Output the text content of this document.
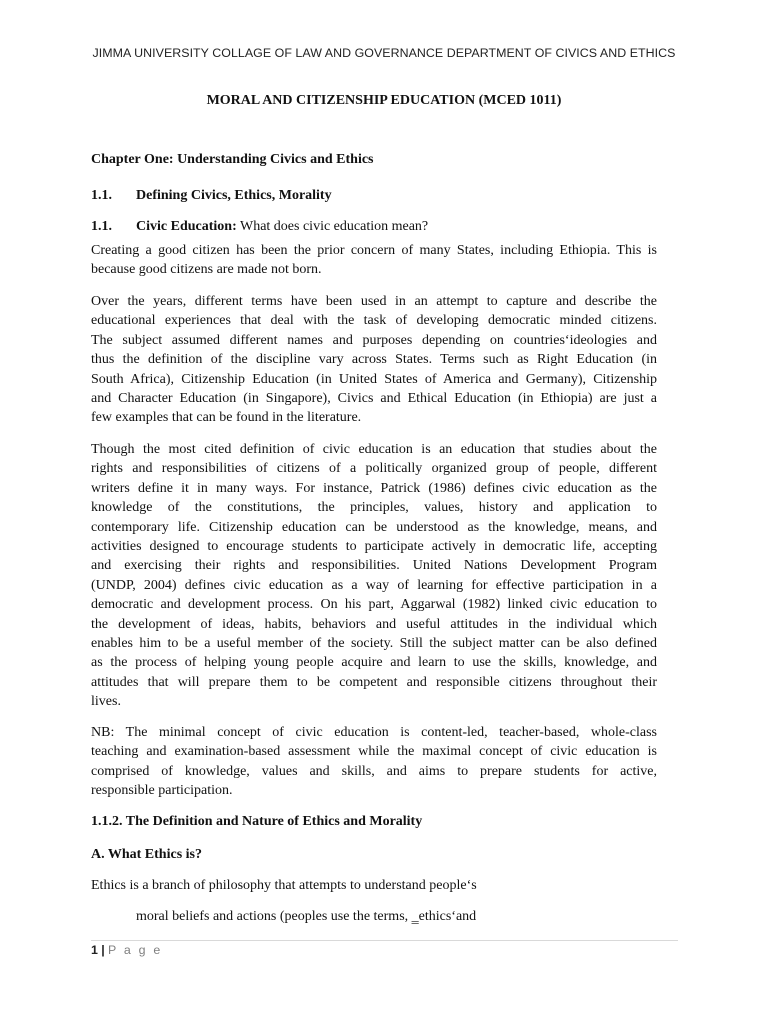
JIMMA UNIVERSITY COLLAGE OF LAW AND GOVERNANCE DEPARTMENT OF CIVICS AND ETHICS
MORAL AND CITIZENSHIP EDUCATION (MCED 1011)
Chapter One: Understanding Civics and Ethics
1.1. Defining Civics, Ethics, Morality
1.1. Civic Education: What does civic education mean?
Creating a good citizen has been the prior concern of many States, including Ethiopia. This is
because good citizens are made not born.
Over the years, different terms have been used in an attempt to capture and describe the
educational experiences that deal with the task of developing democratic minded citizens.
The subject assumed different names and purposes depending on countries‘ideologies and
thus the definition of the discipline vary across States. Terms such as Right Education (in
South Africa), Citizenship Education (in United States of America and Germany), Citizenship
and Character Education (in Singapore), Civics and Ethical Education (in Ethiopia) are just a
few examples that can be found in the literature.
Though the most cited definition of civic education is an education that studies about the
rights and responsibilities of citizens of a politically organized group of people, different
writers define it in many ways. For instance, Patrick (1986) defines civic education as the
knowledge of the constitutions, the principles, values, history and application to
contemporary life. Citizenship education can be understood as the knowledge, means, and
activities designed to encourage students to participate actively in democratic life, accepting
and exercising their rights and responsibilities. United Nations Development Program
(UNDP, 2004) defines civic education as a way of learning for effective participation in a
democratic and development process. On his part, Aggarwal (1982) linked civic education to
the development of ideas, habits, behaviors and useful attitudes in the individual which
enables him to be a useful member of the society. Still the subject matter can be also defined
as the process of helping young people acquire and learn to use the skills, knowledge, and
attitudes that will prepare them to be competent and responsible citizens throughout their
lives.
NB: The minimal concept of civic education is content-led, teacher-based, whole-class
teaching and examination-based assessment while the maximal concept of civic education is
comprised of knowledge, values and skills, and aims to prepare students for active,
responsible participation.
1.1.2. The Definition and Nature of Ethics and Morality
A. What Ethics is?
Ethics is a branch of philosophy that attempts to understand people‘s
moral beliefs and actions (peoples use the terms, ‗ethics‘and
1 | P a g e
